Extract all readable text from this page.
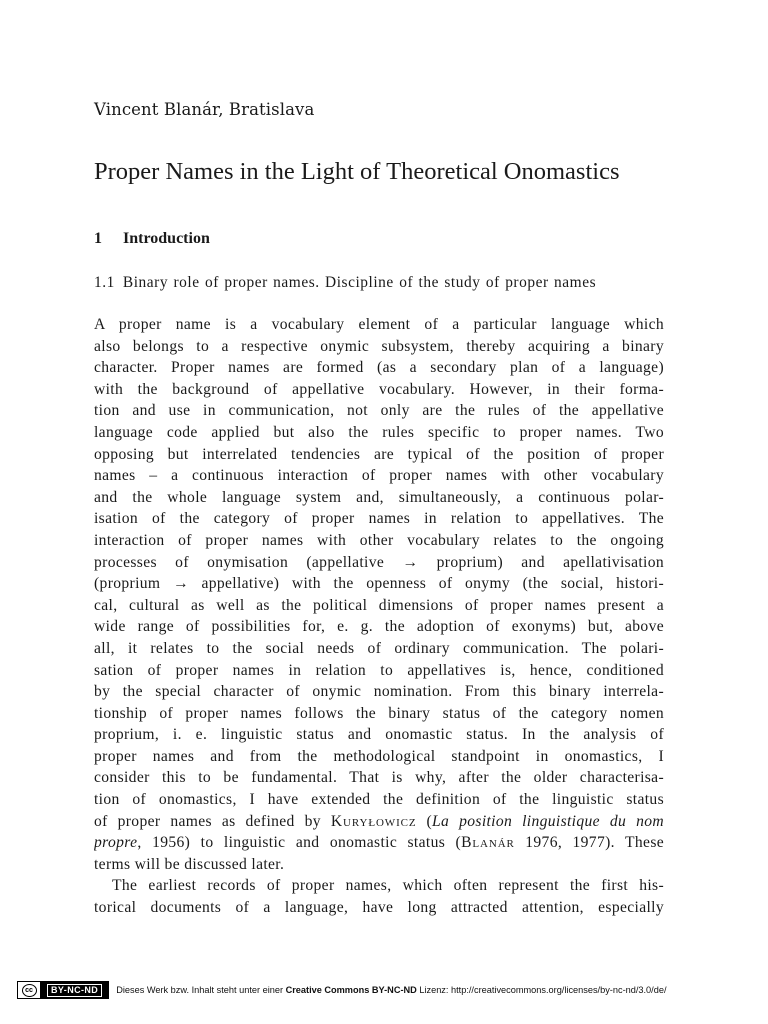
Vincent Blanár, Bratislava
Proper Names in the Light of Theoretical Onomastics
1 Introduction
1.1 Binary role of proper names. Discipline of the study of proper names
A proper name is a vocabulary element of a particular language which
also belongs to a respective onymic subsystem, thereby acquiring a binary
character. Proper names are formed (as a secondary plan of a language)
with the background of appellative vocabulary. However, in their forma-
tion and use in communication, not only are the rules of the appellative
language code applied but also the rules specific to proper names. Two
opposing but interrelated tendencies are typical of the position of proper
names – a continuous interaction of proper names with other vocabulary
and the whole language system and, simultaneously, a continuous polar-
isation of the category of proper names in relation to appellatives. The
interaction of proper names with other vocabulary relates to the ongoing
processes of onymisation (appellative → proprium) and apellativisation
(proprium → appellative) with the openness of onymy (the social, histori-
cal, cultural as well as the political dimensions of proper names present a
wide range of possibilities for, e. g. the adoption of exonyms) but, above
all, it relates to the social needs of ordinary communication. The polari-
sation of proper names in relation to appellatives is, hence, conditioned
by the special character of onymic nomination. From this binary interrela-
tionship of proper names follows the binary status of the category nomen
proprium, i. e. linguistic status and onomastic status. In the analysis of
proper names and from the methodological standpoint in onomastics, I
consider this to be fundamental. That is why, after the older characterisa-
tion of onomastics, I have extended the definition of the linguistic status
of proper names as defined by Kuryłowicz (La position linguistique du nom
propre, 1956) to linguistic and onomastic status (Blanár 1976, 1977). These
terms will be discussed later.
The earliest records of proper names, which often represent the first his-
torical documents of a language, have long attracted attention, especially
cc	BY-NC-ND	Dieses Werk bzw. Inhalt steht unter einer Creative Commons BY-NC-ND Lizenz: http://creativecommons.org/licenses/by-nc-nd/3.0/de/
